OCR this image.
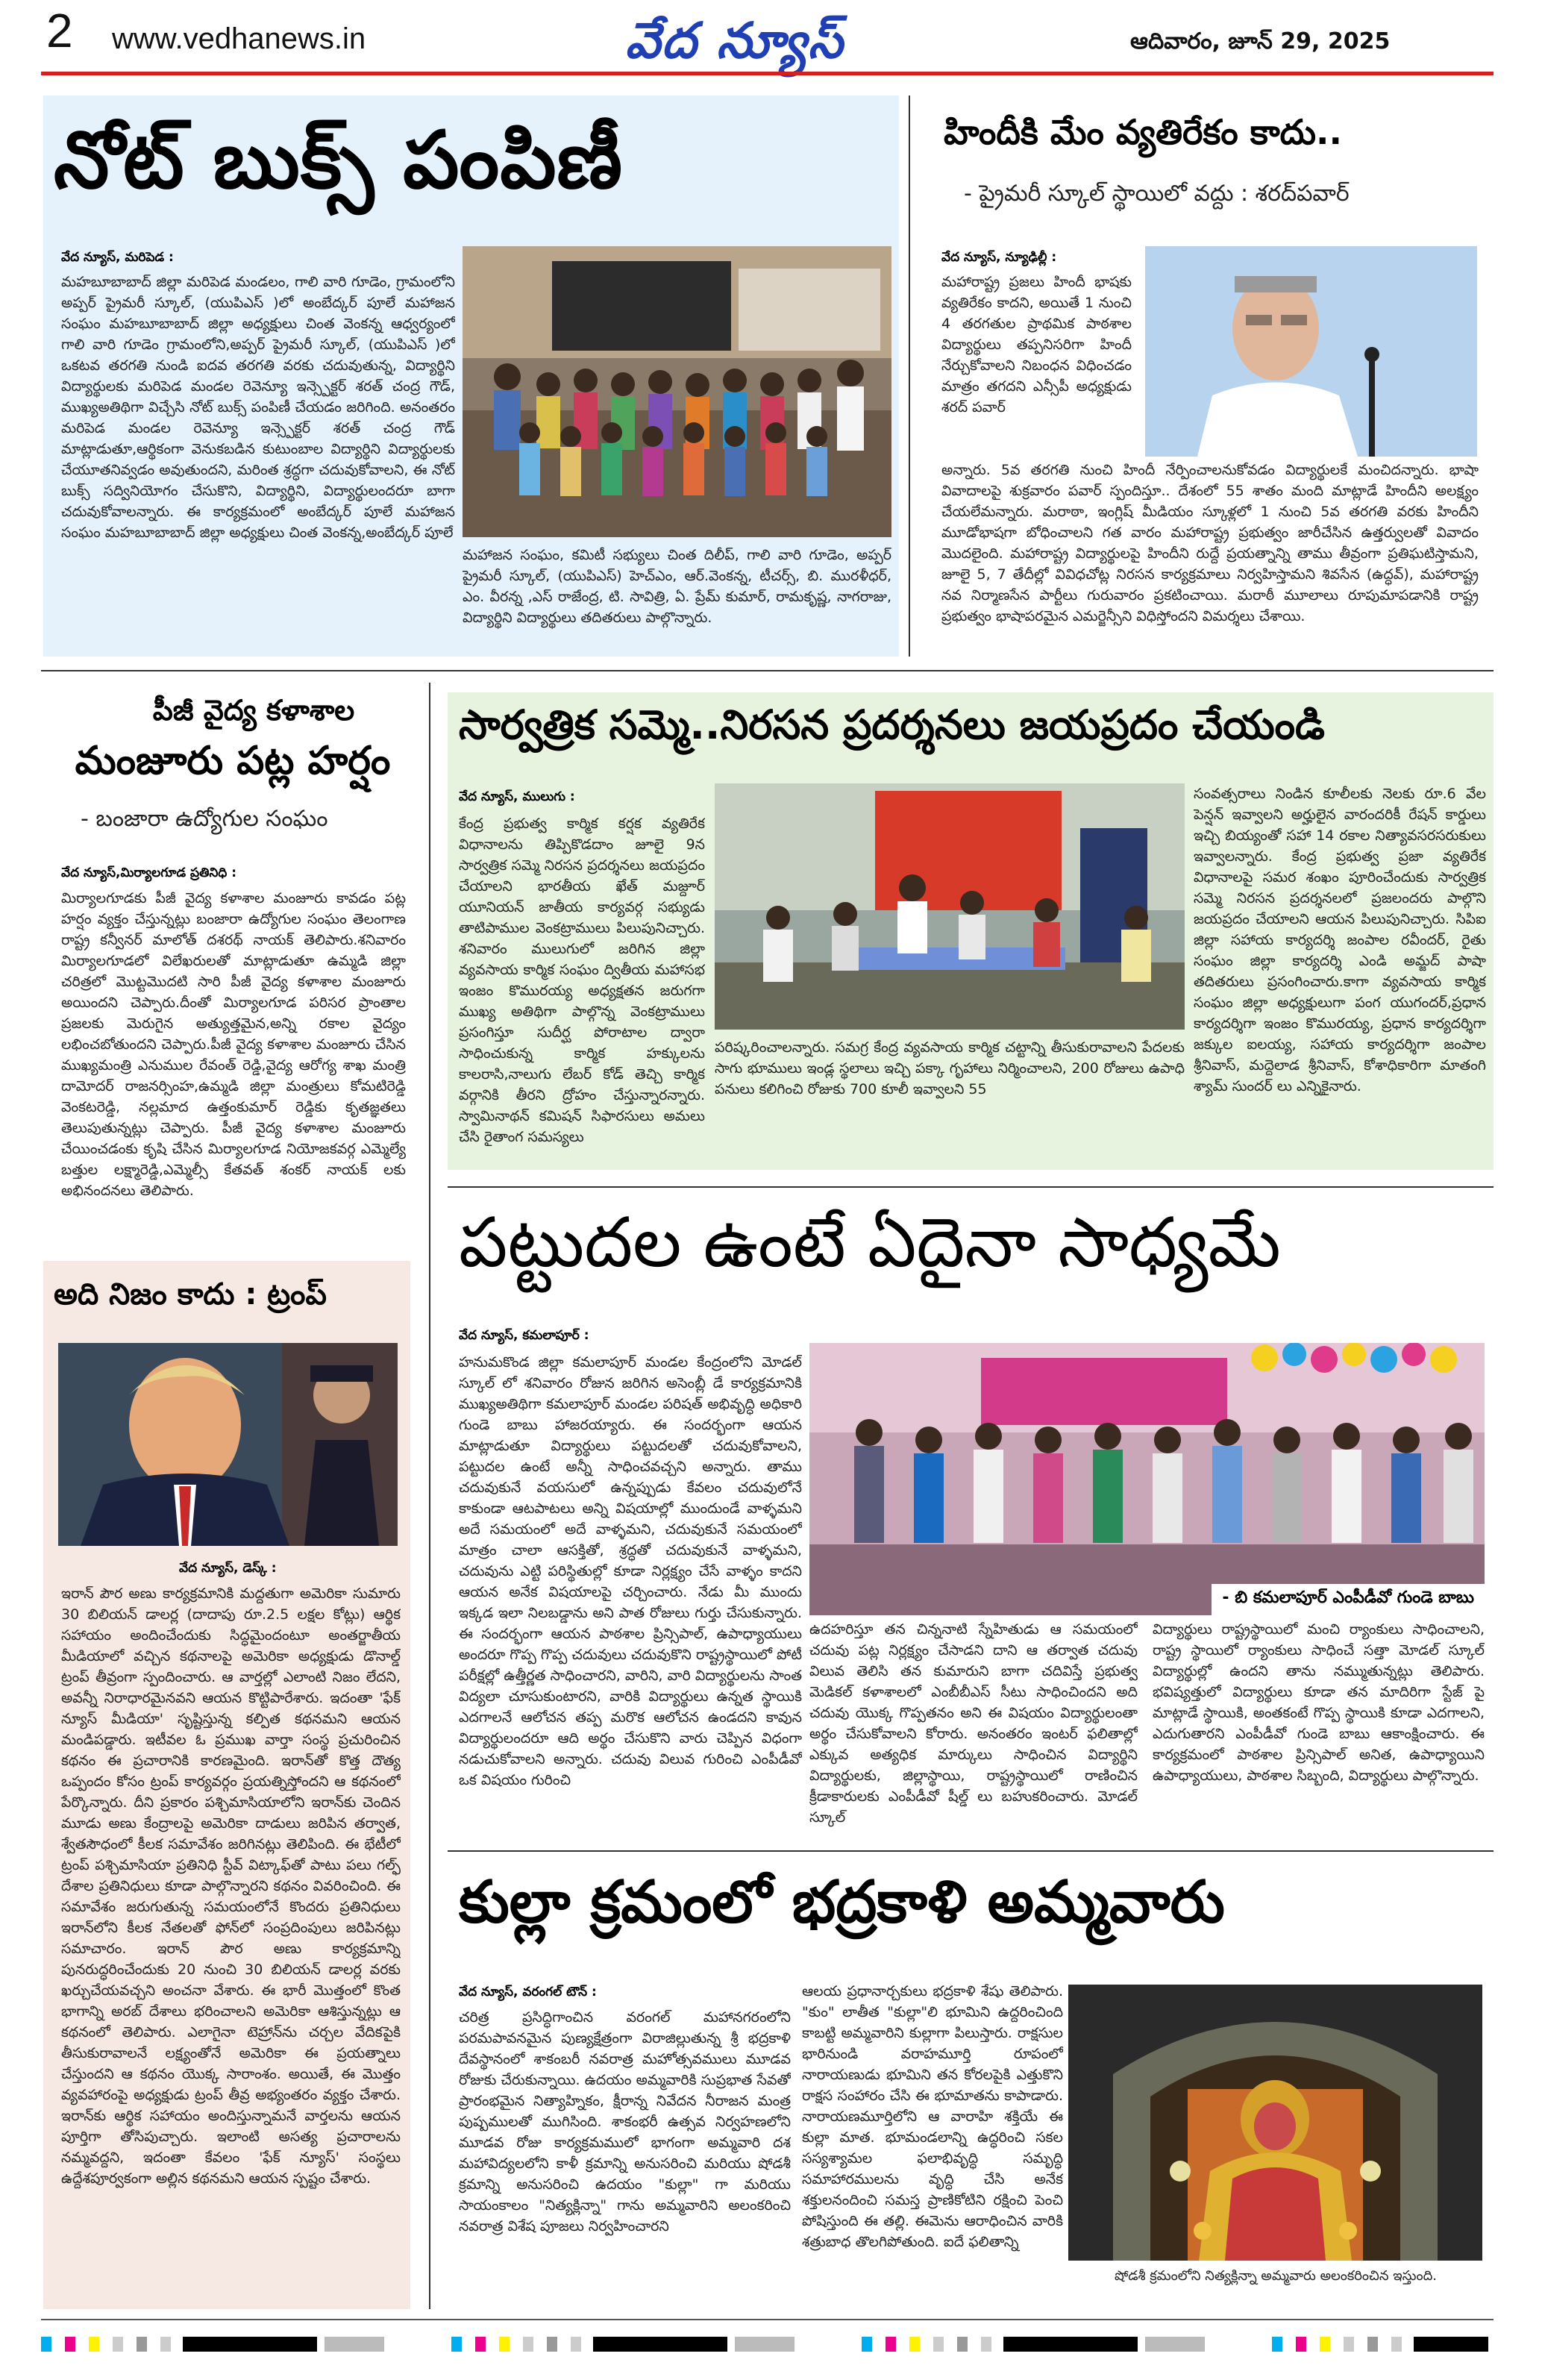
2 www.vedhanews.in	వేద న్యూస్	ఆదివారం, జూన్ 29, 2025
నోట్ బుక్స్ పంపిణీ
వేద న్యూస్, మరిపెడ :
మహబూబాబాద్ జిల్లా మరిపెడ మండలం, గాలి వారి గూడెం, గ్రామంలోని అప్పర్ ప్రైమరీ స్కూల్, (యుపిఎస్ )లో అంబేద్కర్ పూలే మహాజన సంఘం మహబూబాబాద్ జిల్లా అధ్యక్షులు చింత వెంకన్న ఆధ్వర్యంలో గాలి వారి గూడెం గ్రామంలోని,అప్పర్ ప్రైమరీ స్కూల్, (యుపిఎస్ )లో ఒకటవ తరగతి నుండి ఐదవ తరగతి వరకు చదువుతున్న, విద్యార్థిని విద్యార్థులకు మరిపెడ మండల రెవెన్యూ ఇన్స్పెక్టర్ శరత్ చంద్ర గౌడ్, ముఖ్యఅతిథిగా విచ్చేసి నోట్ బుక్స్ పంపిణీ చేయడం జరిగింది. అనంతరం మరిపెడ మండల రెవెన్యూ ఇన్స్పెక్టర్ శరత్ చంద్ర గౌడ్ మాట్లాడుతూ,ఆర్థికంగా వెనుకబడిన కుటుంబాల విద్యార్థిని విద్యార్థులకు చేయూతనివ్వడం అవుతుందని, మరింత శ్రద్ధగా చదువుకోవాలని, ఈ నోట్ బుక్స్ సద్వినియోగం చేసుకొని, విద్యార్థిని, విద్యార్థులందరూ బాగా చదువుకోవాలన్నారు. ఈ కార్యక్రమంలో అంబేద్కర్ పూలే మహాజన సంఘం మహబూబాబాద్ జిల్లా అధ్యక్షులు చింత వెంకన్న,అంబేద్కర్ పూలే
మహాజన సంఘం, కమిటీ సభ్యులు చింత దిలీప్, గాలి వారి గూడెం, అప్పర్ ప్రైమరీ స్కూల్, (యుపిఎస్) హెచ్ఎం, ఆర్.వెంకన్న, టీచర్స్, బి. మురళీధర్, ఎం. వీరన్న ,ఎస్ రాజేంద్ర, టి. సావిత్రి, ఏ. ప్రేమ్ కుమార్, రామకృష్ణ, నాగరాజు, విద్యార్థిని విద్యార్థులు తదితరులు పాల్గొన్నారు.
హిందీకి మేం వ్యతిరేకం కాదు..
- ప్రైమరీ స్కూల్ స్థాయిలో వద్దు : శరద్‌పవార్
వేద న్యూస్, న్యూఢిల్లీ :
మహారాష్ట్ర ప్రజలు హిందీ భాషకు వ్యతిరేకం కాదని, అయితే 1 నుంచి 4 తరగతుల ప్రాథమిక పాఠశాల విద్యార్థులు తప్పనిసరిగా హిందీ నేర్చుకోవాలని నిబంధన విధించడం మాత్రం తగదని ఎన్సీపీ అధ్యక్షుడు శరద్ పవార్
అన్నారు. 5వ తరగతి నుంచి హిందీ నేర్పించాలనుకోవడం విద్యార్థులకే మంచిదన్నారు. భాషా వివాదాలపై శుక్రవారం పవార్ స్పందిస్తూ.. దేశంలో 55 శాతం మంది మాట్లాడే హిందీని అలక్ష్యం చేయలేమన్నారు. మరాఠా, ఇంగ్లిష్ మీడియం స్కూళ్లలో 1 నుంచి 5వ తరగతి వరకు హిందీని మూడోభాషగా బోధించాలని గత వారం మహారాష్ట్ర ప్రభుత్వం జారీచేసిన ఉత్తర్వులతో వివాదం మొదలైంది. మహారాష్ట్ర విద్యార్థులపై హిందీని రుద్దే ప్రయత్నాన్ని తాము తీవ్రంగా ప్రతిఘటిస్తామని, జూలై 5, 7 తేదీల్లో వివిధచోట్ల నిరసన కార్యక్రమాలు నిర్వహిస్తామని శివసేన (ఉద్ధవ్), మహారాష్ట్ర నవ నిర్మాణసేన పార్టీలు గురువారం ప్రకటించాయి. మరాఠీ మూలాలు రూపుమాపడానికి రాష్ట్ర ప్రభుత్వం భాషాపరమైన ఎమర్జెన్సీని విధిస్తోందని విమర్శలు చేశాయి.
పీజీ వైద్య కళాశాల
మంజూరు పట్ల హర్షం
- బంజారా ఉద్యోగుల సంఘం
వేద న్యూస్,మిర్యాలగూడ ప్రతినిధి :
మిర్యాలగూడకు పీజీ వైద్య కళాశాల మంజూరు కావడం పట్ల హర్షం వ్యక్తం చేస్తున్నట్లు బంజారా ఉద్యోగుల సంఘం తెలంగాణ రాష్ట్ర కన్వీనర్ మాలోత్ దశరథ్ నాయక్ తెలిపారు.శనివారం మిర్యాలగూడలో విలేఖరులతో మాట్లాడుతూ ఉమ్మడి జిల్లా చరిత్రలో మొట్టమొదటి సారి పీజీ వైద్య కళాశాల మంజూరు అయిందని చెప్పారు.దీంతో మిర్యాలగూడ పరిసర ప్రాంతాల ప్రజలకు మెరుగైన అత్యుత్తమైన,అన్ని రకాల వైద్యం లభించబోతుందని చెప్పారు.పీజీ వైద్య కళాశాల మంజూరు చేసిన ముఖ్యమంత్రి ఎనుముల రేవంత్ రెడ్డి,వైద్య ఆరోగ్య శాఖ మంత్రి దామోదర్ రాజనర్సింహ,ఉమ్మడి జిల్లా మంత్రులు కోమటిరెడ్డి వెంకటరెడ్డి, నల్లమాద ఉత్తంకుమార్ రెడ్డికు కృతజ్ఞతలు తెలుపుతున్నట్లు చెప్పారు. పీజీ వైద్య కళాశాల మంజూరు చేయించడంకు కృషి చేసిన మిర్యాలగూడ నియోజకవర్గ ఎమ్మెల్యే బత్తుల లక్ష్మారెడ్డి,ఎమ్మెల్సీ కేతవత్ శంకర్ నాయక్ లకు అభినందనలు తెలిపారు.
సార్వత్రిక సమ్మె..నిరసన ప్రదర్శనలు జయప్రదం చేయండి
వేద న్యూస్, ములుగు :
కేంద్ర ప్రభుత్వ కార్మిక కర్షక వ్యతిరేక విధానాలను తిప్పికొడదాం జూలై 9న సార్వత్రిక సమ్మె నిరసన ప్రదర్శనలు జయప్రదం చేయాలని భారతీయ ఖేత్ మజ్దూర్ యూనియన్ జాతీయ కార్యవర్గ సభ్యుడు తాటిపాముల వెంకట్రాములు పిలుపునిచ్చారు. శనివారం ములుగులో జరిగిన జిల్లా వ్యవసాయ కార్మిక సంఘం ద్వితీయ మహాసభ ఇంజం కొమురయ్య అధ్యక్షతన జరుగగా ముఖ్య అతిథిగా పాల్గొన్న వెంకట్రాములు ప్రసంగిస్తూ సుదీర్ఘ పోరాటాల ద్వారా సాధించుకున్న కార్మిక హక్కులను కాలరాసి,నాలుగు లేబర్ కోడ్ తెచ్చి కార్మిక వర్గానికి తీరని ద్రోహం చేస్తున్నారన్నారు. స్వామినాథన్ కమిషన్ సిఫారసులు అమలు చేసి రైతాంగ సమస్యలు
పరిష్కరించాలన్నారు. సమగ్ర కేంద్ర వ్యవసాయ కార్మిక చట్టాన్ని తీసుకురావాలని పేదలకు సాగు భూములు ఇండ్ల స్థలాలు ఇచ్చి పక్కా గృహాలు నిర్మించాలని, 200 రోజులు ఉపాధి పనులు కలిగించి రోజుకు 700 కూలీ ఇవ్వాలని 55
సంవత్సరాలు నిండిన కూలీలకు నెలకు రూ.6 వేల పెన్షన్ ఇవ్వాలని అర్హులైన వారందరికీ రేషన్ కార్డులు ఇచ్చి బియ్యంతో సహా 14 రకాల నిత్యావసరసరుకులు ఇవ్వాలన్నారు. కేంద్ర ప్రభుత్వ ప్రజా వ్యతిరేక విధానాలపై సమర శంఖం పూరించేందుకు సార్వత్రిక సమ్మె నిరసన ప్రదర్శనలలో ప్రజలందరు పాల్గొని జయప్రదం చేయాలని ఆయన పిలుపునిచ్చారు. సిపిఐ జిల్లా సహాయ కార్యదర్శి జంపాల రవీందర్, రైతు సంఘం జిల్లా కార్యదర్శి ఎండి అమ్జద్ పాషా తదితరులు ప్రసంగించారు.కాగా వ్యవసాయ కార్మిక సంఘం జిల్లా అధ్యక్షులుగా పంగ యుగందర్,ప్రధాన కార్యదర్శిగా ఇంజం కొమురయ్య, ప్రధాన కార్యదర్శిగా జక్కుల ఐలయ్య, సహాయ కార్యదర్శిగా జంపాల శ్రీనివాస్, మద్దెలాడ శ్రీనివాస్, కోశాధికారిగా మాతంగి శ్యామ్ సుందర్ లు ఎన్నికైనారు.
పట్టుదల ఉంటే ఏదైనా సాధ్యమే
వేద న్యూస్, కమలాపూర్ :
హనుమకొండ జిల్లా కమలాపూర్ మండల కేంద్రంలోని మోడల్ స్కూల్ లో శనివారం రోజున జరిగిన అసెంబ్లీ డే కార్యక్రమానికి ముఖ్యఅతిథిగా కమలాపూర్ మండల పరిషత్ అభివృద్ధి అధికారి గుండె బాబు హాజరయ్యారు. ఈ సందర్భంగా ఆయన మాట్లాడుతూ విద్యార్థులు పట్టుదలతో చదువుకోవాలని, పట్టుదల ఉంటే అన్నీ సాధించవచ్చని అన్నారు. తాము చదువుకునే వయసులో ఉన్నప్పుడు కేవలం చదువులోనే కాకుండా ఆటపాటలు అన్ని విషయాల్లో ముందుండే వాళ్ళమని అదే సమయంలో అదే వాళ్ళమని, చదువుకునే సమయంలో మాత్రం చాలా ఆసక్తితో, శ్రద్ధతో చదువుకునే వాళ్ళమని, చదువును ఎట్టి పరిస్థితుల్లో కూడా నిర్లక్ష్యం చేసే వాళ్ళం కాదని ఆయన అనేక విషయాలపై చర్చించారు. నేడు మీ ముందు ఇక్కడ ఇలా నిలబడ్డాను అని పాత రోజులు గుర్తు చేసుకున్నారు. ఈ సందర్భంగా ఆయన పాఠశాల ప్రిన్సిపాల్, ఉపాధ్యాయులు అందరూ గొప్ప గొప్ప చదువులు చదువుకొని రాష్ట్రస్థాయిలో పోటీ పరీక్షల్లో ఉత్తీర్ణత సాధించారని, వారిని, వారి విద్యార్థులను సాంత విద్యలా చూసుకుంటారని, వారికి విద్యార్థులు ఉన్నత స్థాయికి ఎదగాలనే ఆలోచన తప్ప మరొక ఆలోచన ఉండదని కావున విద్యార్థులందరూ ఆది అర్థం చేసుకొని వారు చెప్పిన విధంగా నడుచుకోవాలని అన్నారు. చదువు విలువ గురించి ఎంపీడీవో ఒక విషయం గురించి
- బి కమలాపూర్ ఎంపీడీవో గుండె బాబు
ఉదహరిస్తూ తన చిన్ననాటి స్నేహితుడు ఆ సమయంలో చదువు పట్ల నిర్లక్ష్యం చేసాడని దాని ఆ తర్వాత చదువు విలువ తెలిసి తన కుమారుని బాగా చదివిస్తే ప్రభుత్వ మెడికల్ కళాశాలలో ఎంబీబీఎస్ సీటు సాధించిందని అది చదువు యొక్క గొప్పతనం అని ఈ విషయం విద్యార్థులంతా అర్థం చేసుకోవాలని కోరారు. అనంతరం ఇంటర్ ఫలితాల్లో ఎక్కువ అత్యధిక మార్కులు సాధించిన విద్యార్థిని విద్యార్థులకు, జిల్లాస్థాయి, రాష్ట్రస్థాయిలో రాణించిన క్రీడాకారులకు ఎంపీడీవో షీల్డ్ లు బహుకరించారు. మోడల్ స్కూల్
విద్యార్థులు రాష్ట్రస్థాయిలో మంచి ర్యాంకులు సాధించాలని, రాష్ట్ర స్థాయిలో ర్యాంకులు సాధించే సత్తా మోడల్ స్కూల్ విద్యార్థుల్లో ఉందని తాను నమ్ముతున్నట్లు తెలిపారు. భవిష్యత్తులో విద్యార్థులు కూడా తన మాదిరిగా స్టేజ్ పై మాట్లాడే స్థాయికి, అంతకంటే గొప్ప స్థాయికి కూడా ఎదగాలని, ఎదుగుతారని ఎంపీడీవో గుండె బాబు ఆకాంక్షించారు. ఈ కార్యక్రమంలో పాఠశాల ప్రిన్సిపాల్ అనిత, ఉపాధ్యాయిని ఉపాధ్యాయులు, పాఠశాల సిబ్బంది, విద్యార్థులు పాల్గొన్నారు.
అది నిజం కాదు : ట్రంప్
వేద న్యూస్, డెస్క్ :
ఇరాన్ పౌర అణు కార్యక్రమానికి మద్దతుగా అమెరికా సుమారు 30 బిలియన్ డాలర్ల (దాదాపు రూ.2.5 లక్షల కోట్లు) ఆర్థిక సహాయం అందించేందుకు సిద్ధమైందంటూ అంతర్జాతీయ మీడియాలో వచ్చిన కథనాలపై అమెరికా అధ్యక్షుడు డొనాల్డ్ ట్రంప్ తీవ్రంగా స్పందించారు. ఆ వార్తల్లో ఎలాంటి నిజం లేదని, అవన్నీ నిరాధారమైనవని ఆయన కొట్టిపారేశారు. ఇదంతా 'ఫేక్ న్యూస్ మీడియా' సృష్టిస్తున్న కల్పిత కథనమని ఆయన మండిపడ్డారు. ఇటీవల ఓ ప్రముఖ వార్తా సంస్థ ప్రచురించిన కథనం ఈ ప్రచారానికి కారణమైంది. ఇరాన్‌తో కొత్త దౌత్య ఒప్పందం కోసం ట్రంప్ కార్యవర్గం ప్రయత్నిస్తోందని ఆ కథనంలో పేర్కొన్నారు. దీని ప్రకారం పశ్చిమాసియాలోని ఇరాన్‌కు చెందిన మూడు అణు కేంద్రాలపై అమెరికా దాడులు జరిపిన తర్వాత, శ్వేతసౌధంలో కీలక సమావేశం జరిగినట్లు తెలిపింది. ఈ భేటీలో ట్రంప్ పశ్చిమాసియా ప్రతినిధి స్టీవ్ విట్కాఫ్‌తో పాటు పలు గల్ఫ్ దేశాల ప్రతినిధులు కూడా పాల్గొన్నారని కథనం వివరించింది. ఈ సమావేశం జరుగుతున్న సమయంలోనే కొందరు ప్రతినిధులు ఇరాన్‌లోని కీలక నేతలతో ఫోన్‌లో సంప్రదింపులు జరిపినట్లు సమాచారం. ఇరాన్ పౌర అణు కార్యక్రమాన్ని పునరుద్ధరించేందుకు 20 నుంచి 30 బిలియన్ డాలర్ల వరకు ఖర్చుచేయవచ్చని అంచనా వేశారు. ఈ భారీ మొత్తంలో కొంత భాగాన్ని అరబ్ దేశాలు భరించాలని అమెరికా ఆశిస్తున్నట్లు ఆ కథనంలో తెలిపారు. ఎలాగైనా టెహ్రాన్‌ను చర్చల వేదికపైకి తీసుకురావాలనే లక్ష్యంతోనే అమెరికా ఈ ప్రయత్నాలు చేస్తుందని ఆ కథనం యొక్క సారాంశం. అయితే, ఈ మొత్తం వ్యవహారంపై అధ్యక్షుడు ట్రంప్ తీవ్ర అభ్యంతరం వ్యక్తం చేశారు. ఇరాన్‌కు ఆర్థిక సహాయం అందిస్తున్నామనే వార్తలను ఆయన పూర్తిగా తోసిపుచ్చారు. ఇలాంటి అసత్య ప్రచారాలను నమ్మవద్దని, ఇదంతా కేవలం 'ఫేక్ న్యూస్' సంస్థలు ఉద్దేశపూర్వకంగా అల్లిన కథనమని ఆయన స్పష్టం చేశారు.
కుల్లా క్రమంలో భద్రకాళి అమ్మవారు
వేద న్యూస్, వరంగల్ టౌన్ :
చరిత్ర ప్రసిద్ధిగాంచిన వరంగల్ మహానగరంలోని పరమపావనమైన పుణ్యక్షేత్రంగా విరాజిల్లుతున్న శ్రీ భద్రకాళి దేవస్థానంలో శాకంబరీ నవరాత్ర మహోత్సవములు మూడవ రోజుకు చేరుకున్నాయి. ఉదయం అమ్మవారికి సుప్రభాత సేవతో ప్రారంభమైన నిత్యాహ్నికం, క్షీరాన్న నివేదన నీరాజన మంత్ర పుష్పములతో ముగిసింది. శాకంభరీ ఉత్సవ నిర్వహణలోని మూడవ రోజు కార్యక్రమములో భాగంగా అమ్మవారి దశ మహావిద్యలలోని కాళీ క్రమాన్ని అనుసరించి మరియు షోడశీ క్రమాన్ని అనుసరించి ఉదయం "కుల్లా" గా మరియు సాయంకాలం "నిత్యక్లిన్నా" గాను అమ్మవారిని అలంకరించి నవరాత్ర విశేష పూజలు నిర్వహించారని
ఆలయ ప్రధానార్చకులు భద్రకాళి శేషు తెలిపారు. "కుం" లాతీత "కుల్లా"లి భూమిని ఉద్దరించింది కాబట్టి అమ్మవారిని కుల్లాగా పిలుస్తారు. రాక్షసుల భారినుండి వరాహమూర్తి రూపంలో నారాయణుడు భూమిని తన కోరలపైకి ఎత్తుకొని రాక్షస సంహారం చేసి ఈ భూమాతను కాపాడారు. నారాయణమూర్తిలోని ఆ వారాహి శక్తియే ఈ కుల్లా మాత. భూమండలాన్ని ఉద్ధరించి సకల సస్యశ్యామల ఫలాభివృద్ధి సమృద్ధి సమాహారములను వృద్ధి చేసి అనేక శక్తులనందించి సమస్త ప్రాణికోటిని రక్షించి పెంచి పోషిస్తుంది ఈ తల్లి. ఈమెను ఆరాధించిన వారికి శత్రుబాధ తొలగిపోతుంది. ఐదే ఫలితాన్ని
షోడశీ క్రమంలోని నిత్యక్లిన్నా అమ్మవారు అలంకరించిన ఇస్తుంది.
